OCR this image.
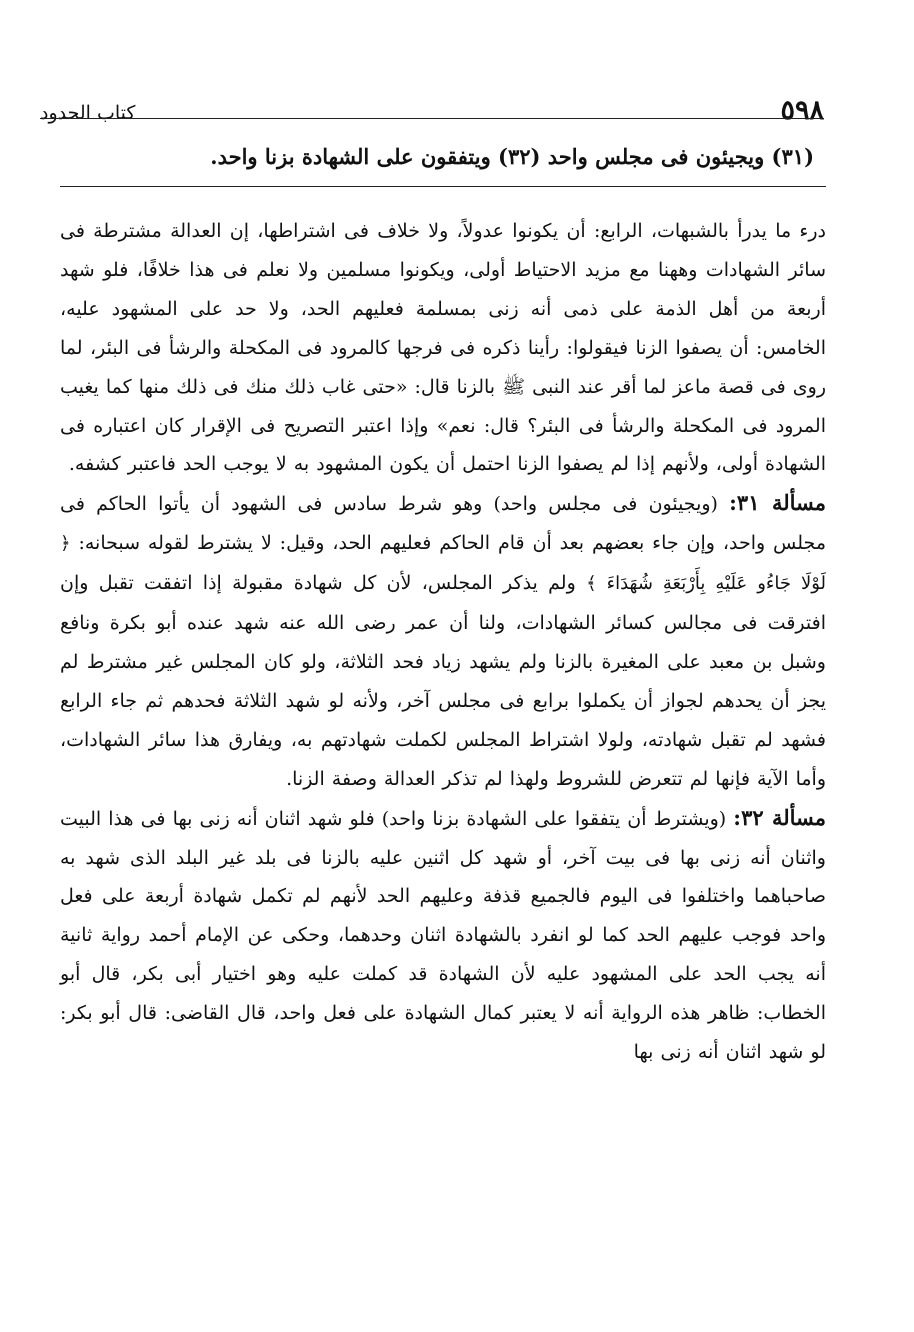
٥٩٨
كتاب الحدود
(٣١) ويجيئون فى مجلس واحد (٣٢) ويتفقون على الشهادة بزنا واحد.

درء ما يدرأ بالشبهات، الرابع: أن يكونوا عدولاً، ولا خلاف فى اشتراطها، إن العدالة مشترطة فى سائر الشهادات وههنا مع مزيد الاحتياط أولى، ويكونوا مسلمين ولا نعلم فى هذا خلافًا، فلو شهد أربعة من أهل الذمة على ذمى أنه زنى بمسلمة فعليهم الحد، ولا حد على المشهود عليه، الخامس: أن يصفوا الزنا فيقولوا: رأينا ذكره فى فرجها كالمرود فى المكحلة والرشأ فى البئر، لما روى فى قصة ماعز لما أقر عند النبى ﷺ بالزنا قال: «حتى غاب ذلك منك فى ذلك منها كما يغيب المرود فى المكحلة والرشأ فى البئر؟ قال: نعم» وإذا اعتبر التصريح فى الإقرار كان اعتباره فى الشهادة أولى، ولأنهم إذا لم يصفوا الزنا احتمل أن يكون المشهود به لا يوجب الحد فاعتبر كشفه.

مسألة ٣١: (ويجيئون فى مجلس واحد) وهو شرط سادس فى الشهود أن يأتوا الحاكم فى مجلس واحد، وإن جاء بعضهم بعد أن قام الحاكم فعليهم الحد، وقيل: لا يشترط لقوله سبحانه: ﴿ لَوْلَا جَاءُو عَلَيْهِ بِأَرْبَعَةِ شُهَدَاءَ ﴾ ولم يذكر المجلس، لأن كل شهادة مقبولة إذا اتفقت تقبل وإن افترقت فى مجالس كسائر الشهادات، ولنا أن عمر رضى الله عنه شهد عنده أبو بكرة ونافع وشبل بن معبد على المغيرة بالزنا ولم يشهد زياد فحد الثلاثة، ولو كان المجلس غير مشترط لم يجز أن يحدهم لجواز أن يكملوا برابع فى مجلس آخر، ولأنه لو شهد الثلاثة فحدهم ثم جاء الرابع فشهد لم تقبل شهادته، ولولا اشتراط المجلس لكملت شهادتهم به، ويفارق هذا سائر الشهادات، وأما الآية فإنها لم تتعرض للشروط ولهذا لم تذكر العدالة وصفة الزنا.

مسألة ٣٢: (ويشترط أن يتفقوا على الشهادة بزنا واحد) فلو شهد اثنان أنه زنى بها فى هذا البيت واثنان أنه زنى بها فى بيت آخر، أو شهد كل اثنين عليه بالزنا فى بلد غير البلد الذى شهد به صاحباهما واختلفوا فى اليوم فالجميع قذفة وعليهم الحد لأنهم لم تكمل شهادة أربعة على فعل واحد فوجب عليهم الحد كما لو انفرد بالشهادة اثنان وحدهما، وحكى عن الإمام أحمد رواية ثانية أنه يجب الحد على المشهود عليه لأن الشهادة قد كملت عليه وهو اختيار أبى بكر، قال أبو الخطاب: ظاهر هذه الرواية أنه لا يعتبر كمال الشهادة على فعل واحد، قال القاضى: قال أبو بكر: لو شهد اثنان أنه زنى بها
